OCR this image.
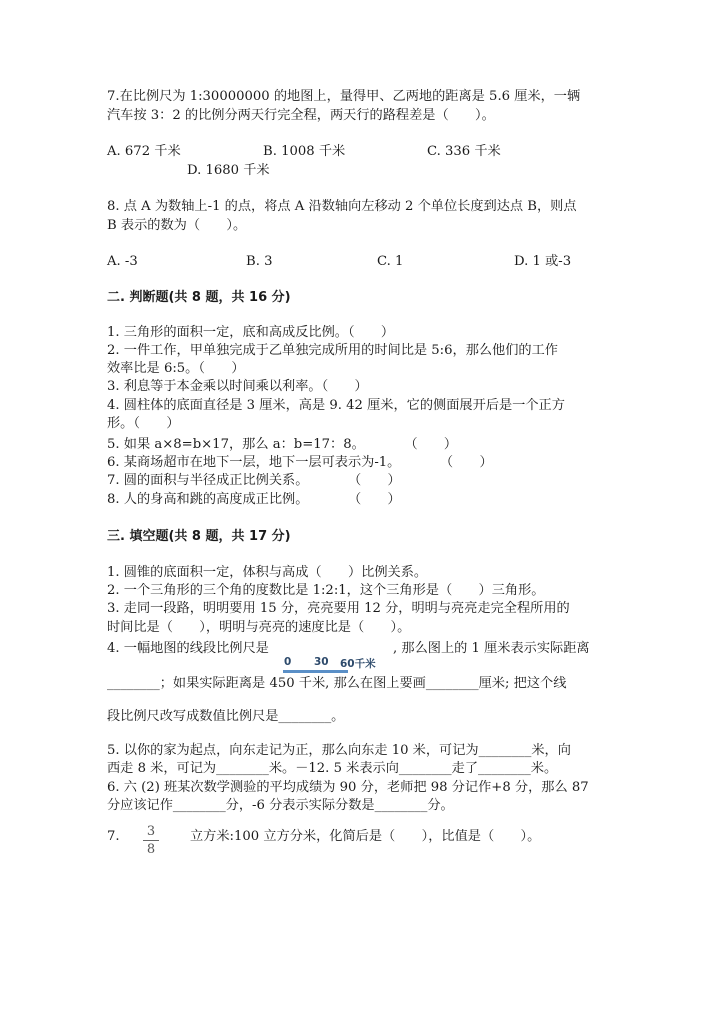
7.在比例尺为 1:30000000 的地图上，量得甲、乙两地的距离是 5.6 厘米，一辆
汽车按 3：2 的比例分两天行完全程，两天行的路程差是（　　）。
A. 672 千米	B. 1008 千米	C. 336 千米
D. 1680 千米
8. 点 A 为数轴上-1 的点，将点 A 沿数轴向左移动 2 个单位长度到达点 B，则点
B 表示的数为（　　）。
A. -3	B. 3	C. 1	D. 1 或-3
二. 判断题(共 8 题，共 16 分)
1. 三角形的面积一定，底和高成反比例。（　　）
2. 一件工作，甲单独完成于乙单独完成所用的时间比是 5:6，那么他们的工作
效率比是 6:5。（　　）
3. 利息等于本金乘以时间乘以利率。（　　）
4. 圆柱体的底面直径是 3 厘米，高是 9. 42 厘米，它的侧面展开后是一个正方
形。（　　）
5. 如果 a×8=b×17，那么 a：b=17：8。　　　　（　　）
6. 某商场超市在地下一层，地下一层可表示为-1。　　　　（　　）
7. 圆的面积与半径成正比例关系。　　　　（　　）
8. 人的身高和跳的高度成正比例。　　　　（　　）
三. 填空题(共 8 题，共 17 分)
1. 圆锥的底面积一定，体积与高成（　　）比例关系。
2. 一个三角形的三个角的度数比是 1:2:1，这个三角形是（　　）三角形。
3. 走同一段路，明明要用 15 分，亮亮要用 12 分，明明与亮亮走完全程所用的
时间比是（　　），明明与亮亮的速度比是（　　）。
4. 一幅地图的线段比例尺是	, 那么图上的 1 厘米表示实际距离
0 30 60千米
________；如果实际距离是 450 千米, 那么在图上要画________厘米; 把这个线
段比例尺改写成数值比例尺是________。
5. 以你的家为起点，向东走记为正，那么向东走 10 米，可记为________米，向
西走 8 米，可记为________米。－12. 5 米表示向________走了________米。
6. 六 (2) 班某次数学测验的平均成绩为 90 分，老师把 98 分记作+8 分，那么 87
分应该记作________分，-6 分表示实际分数是________分。
7. 3
8
立方米:100 立方分米，化简后是（　　），比值是（　　）。
